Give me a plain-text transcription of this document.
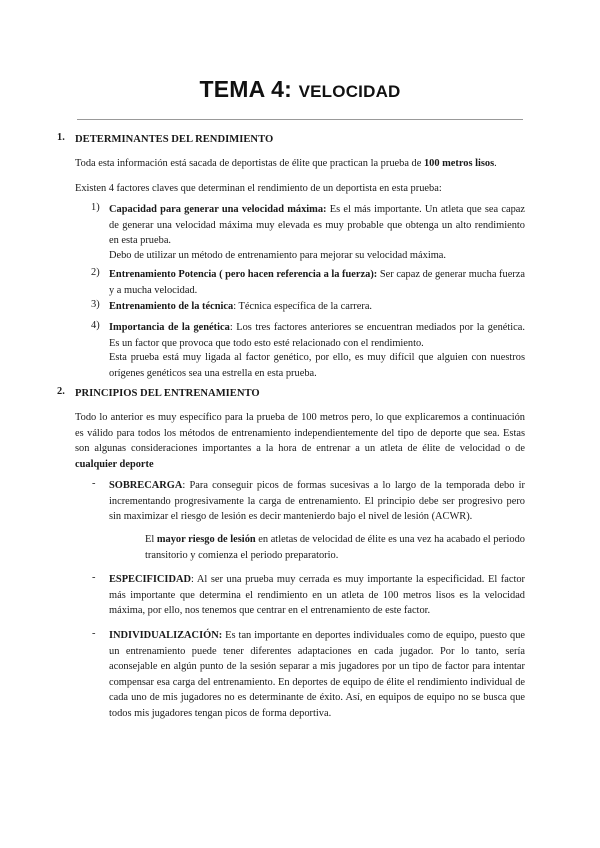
TEMA 4: VELOCIDAD
1. DETERMINANTES DEL RENDIMIENTO
Toda esta información está sacada de deportistas de élite que practican la prueba de 100 metros lisos.
Existen 4 factores claves que determinan el rendimiento de un deportista en esta prueba:
1) Capacidad para generar una velocidad máxima: Es el más importante. Un atleta que sea capaz de generar una velocidad máxima muy elevada es muy probable que obtenga un alto rendimiento en esta prueba.
Debo de utilizar un método de entrenamiento para mejorar su velocidad máxima.
2) Entrenamiento Potencia ( pero hacen referencia a la fuerza): Ser capaz de generar mucha fuerza y a mucha velocidad.
3) Entrenamiento de la técnica: Técnica específica de la carrera.
4) Importancia de la genética: Los tres factores anteriores se encuentran mediados por la genética. Es un factor que provoca que todo esto esté relacionado con el rendimiento.
Esta prueba está muy ligada al factor genético, por ello, es muy difícil que alguien con nuestros orígenes genéticos sea una estrella en esta prueba.
2. PRINCIPIOS DEL ENTRENAMIENTO
Todo lo anterior es muy específico para la prueba de 100 metros pero, lo que explicaremos a continuación es válido para todos los métodos de entrenamiento independientemente del tipo de deporte que sea. Estas son algunas consideraciones importantes a la hora de entrenar a un atleta de élite de velocidad o de cualquier deporte
- SOBRECARGA: Para conseguir picos de formas sucesivas a lo largo de la temporada debo ir incrementando progresivamente la carga de entrenamiento. El principio debe ser progresivo pero sin maximizar el riesgo de lesión es decir mantenierdo bajo el nivel de lesión (ACWR).
El mayor riesgo de lesión en atletas de velocidad de élite es una vez ha acabado el periodo transitorio y comienza el periodo preparatorio.
- ESPECIFICIDAD: Al ser una prueba muy cerrada es muy importante la especificidad. El factor más importante que determina el rendimiento en un atleta de 100 metros lisos es la velocidad máxima, por ello, nos tenemos que centrar en el entrenamiento de este factor.
- INDIVIDUALIZACIÓN: Es tan importante en deportes individuales como de equipo, puesto que un entrenamiento puede tener diferentes adaptaciones en cada jugador. Por lo tanto, sería aconsejable en algún punto de la sesión separar a mis jugadores por un tipo de factor para intentar compensar esa carga del entrenamiento. En deportes de equipo de élite el rendimiento individual de cada uno de mis jugadores no es determinante de éxito. Así, en equipos de equipo no se busca que todos mis jugadores tengan picos de forma deportiva.
